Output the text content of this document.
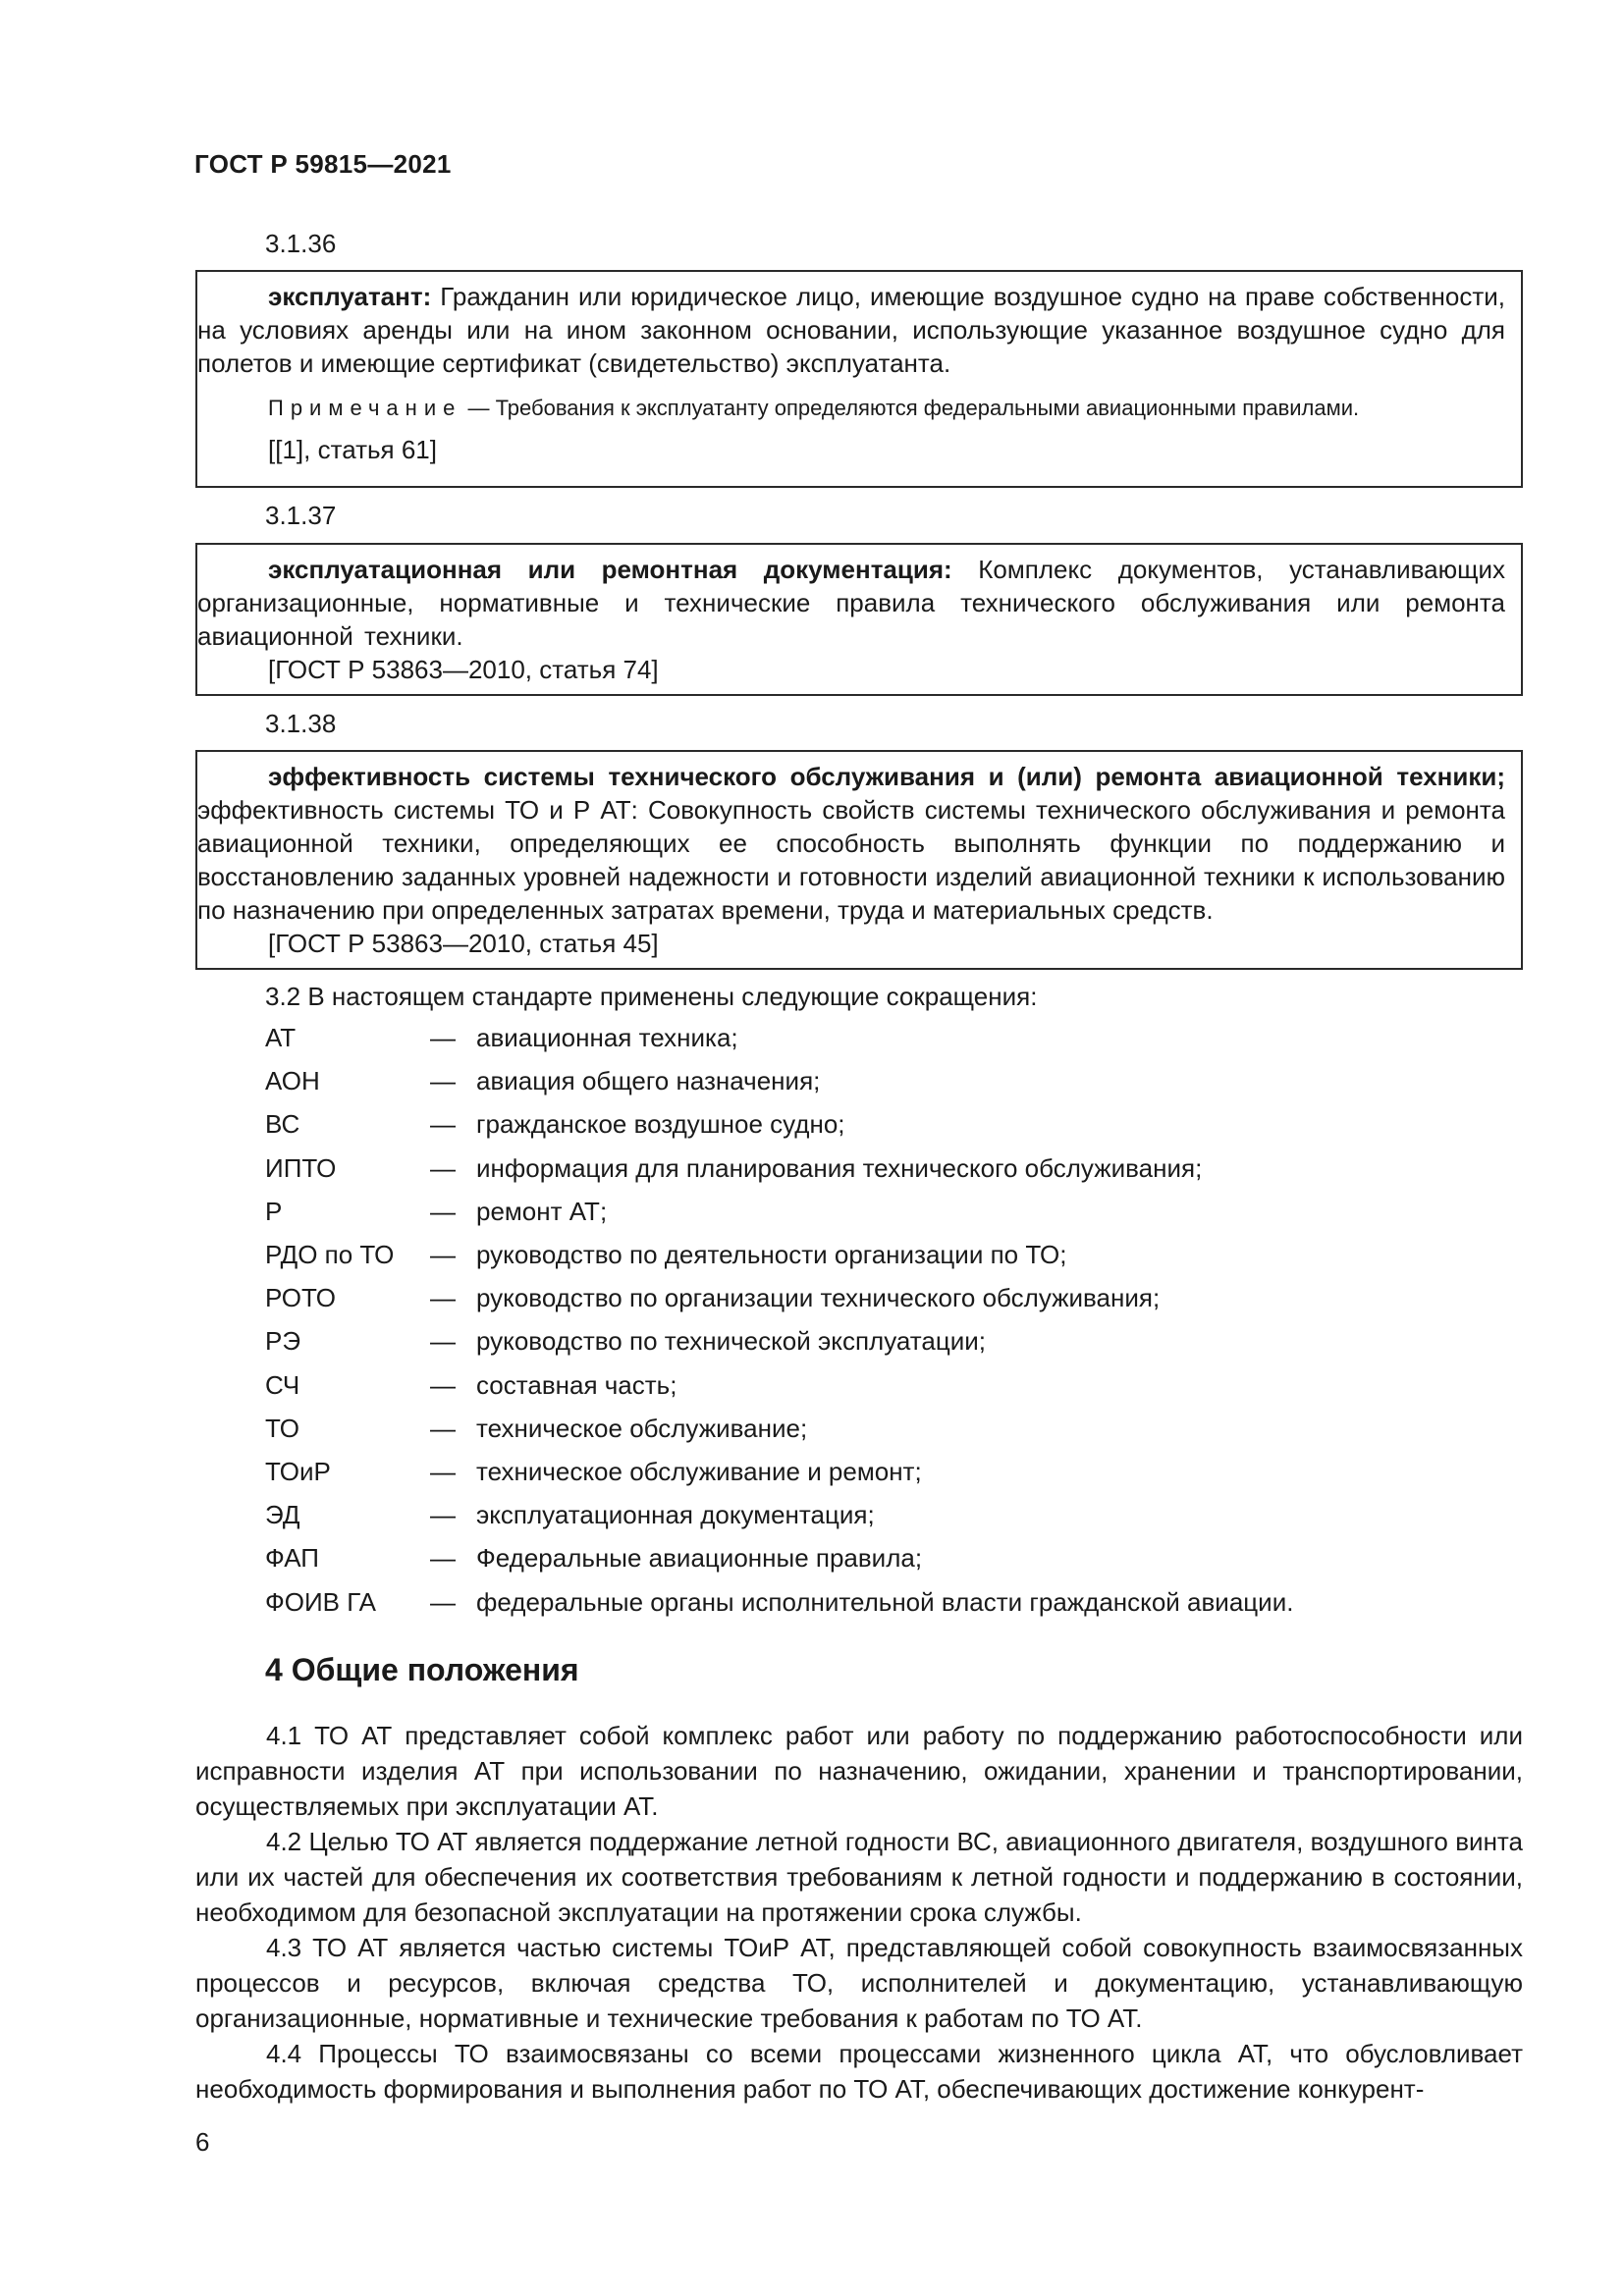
ГОСТ Р 59815—2021
3.1.36

эксплуатант: Гражданин или юридическое лицо, имеющие воздушное судно на праве собственности, на условиях аренды или на ином законном основании, использующие указанное воздушное судно для полетов и имеющие сертификат (свидетельство) эксплуатанта.

Примечание — Требования к эксплуатанту определяются федеральными авиационными правилами.

[[1], статья 61]

3.1.37

эксплуатационная или ремонтная документация: Комплекс документов, устанавливающих организационные, нормативные и технические правила технического обслуживания или ремонта авиационной техники.

[ГОСТ Р 53863—2010, статья 74]

3.1.38

эффективность системы технического обслуживания и (или) ремонта авиационной техники; эффективность системы ТО и Р АТ: Совокупность свойств системы технического обслуживания и ремонта авиационной техники, определяющих ее способность выполнять функции по поддержанию и восстановлению заданных уровней надежности и готовности изделий авиационной техники к использованию по назначению при определенных затратах времени, труда и материальных средств.

[ГОСТ Р 53863—2010, статья 45]

3.2 В настоящем стандарте применены следующие сокращения:
АТ	— авиационная техника;
АОН	— авиация общего назначения;
ВС	— гражданское воздушное судно;
ИПТО	— информация для планирования технического обслуживания;
Р	— ремонт АТ;
РДО по ТО — руководство по деятельности организации по ТО;
РОТО	— руководство по организации технического обслуживания;
РЭ	— руководство по технической эксплуатации;
СЧ	— составная часть;
ТО	— техническое обслуживание;
ТОиР	— техническое обслуживание и ремонт;
ЭД	— эксплуатационная документация;
ФАП	— Федеральные авиационные правила;
ФОИВ ГА — федеральные органы исполнительной власти гражданской авиации.
4 Общие положения

4.1 ТО АТ представляет собой комплекс работ или работу по поддержанию работоспособности или исправности изделия АТ при использовании по назначению, ожидании, хранении и транспортировании, осуществляемых при эксплуатации АТ.

4.2 Целью ТО АТ является поддержание летной годности ВС, авиационного двигателя, воздушного винта или их частей для обеспечения их соответствия требованиям к летной годности и поддержанию в состоянии, необходимом для безопасной эксплуатации на протяжении срока службы.

4.3 ТО АТ является частью системы ТОиР АТ, представляющей собой совокупность взаимосвязанных процессов и ресурсов, включая средства ТО, исполнителей и документацию, устанавливающую организационные, нормативные и технические требования к работам по ТО АТ.

4.4 Процессы ТО взаимосвязаны со всеми процессами жизненного цикла АТ, что обусловливает необходимость формирования и выполнения работ по ТО АТ, обеспечивающих достижение конкурент-

6
